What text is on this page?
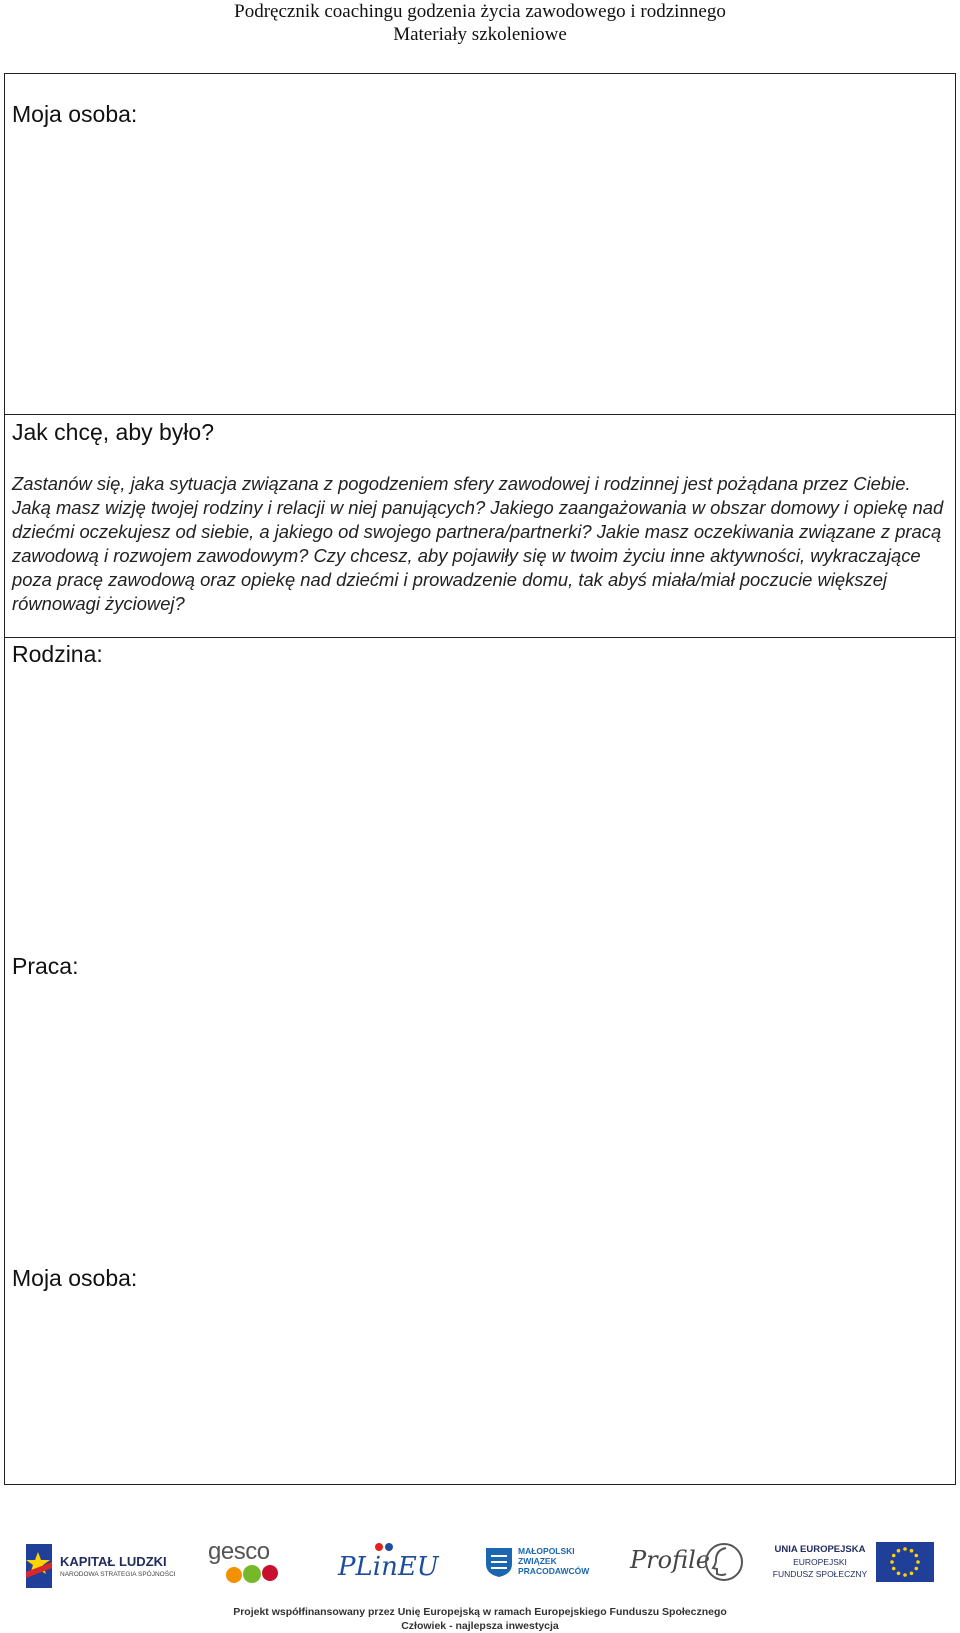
Podręcznik coachingu godzenia życia zawodowego i rodzinnego
Materiały szkoleniowe
Moja osoba:
Jak chcę, aby było?

Zastanów się, jaka sytuacja związana z pogodzeniem sfery zawodowej i rodzinnej jest pożądana przez Ciebie. Jaką masz wizję twojej rodziny i relacji w niej panujących? Jakiego zaangażowania w obszar domowy i opiekę nad dziećmi oczekujesz od siebie, a jakiego od swojego partnera/partnerki? Jakie masz oczekiwania związane z pracą zawodową i rozwojem zawodowym? Czy chcesz, aby pojawiły się w twoim życiu inne aktywności, wykraczające poza pracę zawodową oraz opiekę nad dziećmi i prowadzenie domu, tak abyś miała/miał poczucie większej równowagi życiowej?

Rodzina:
Praca:
Moja osoba:
KAPITAŁ LUDZKI
NARODOWA STRATEGIA SPÓJNOŚCI
gesco
PLinEU
MAŁOPOLSKI
ZWIĄZEK
PRACODAWCÓW Profile	UNIA EUROPEJSKA
EUROPEJSKI
FUNDUSZ SPOŁECZNY
Projekt współfinansowany przez Unię Europejską w ramach Europejskiego Funduszu Społecznego
Człowiek - najlepsza inwestycja
